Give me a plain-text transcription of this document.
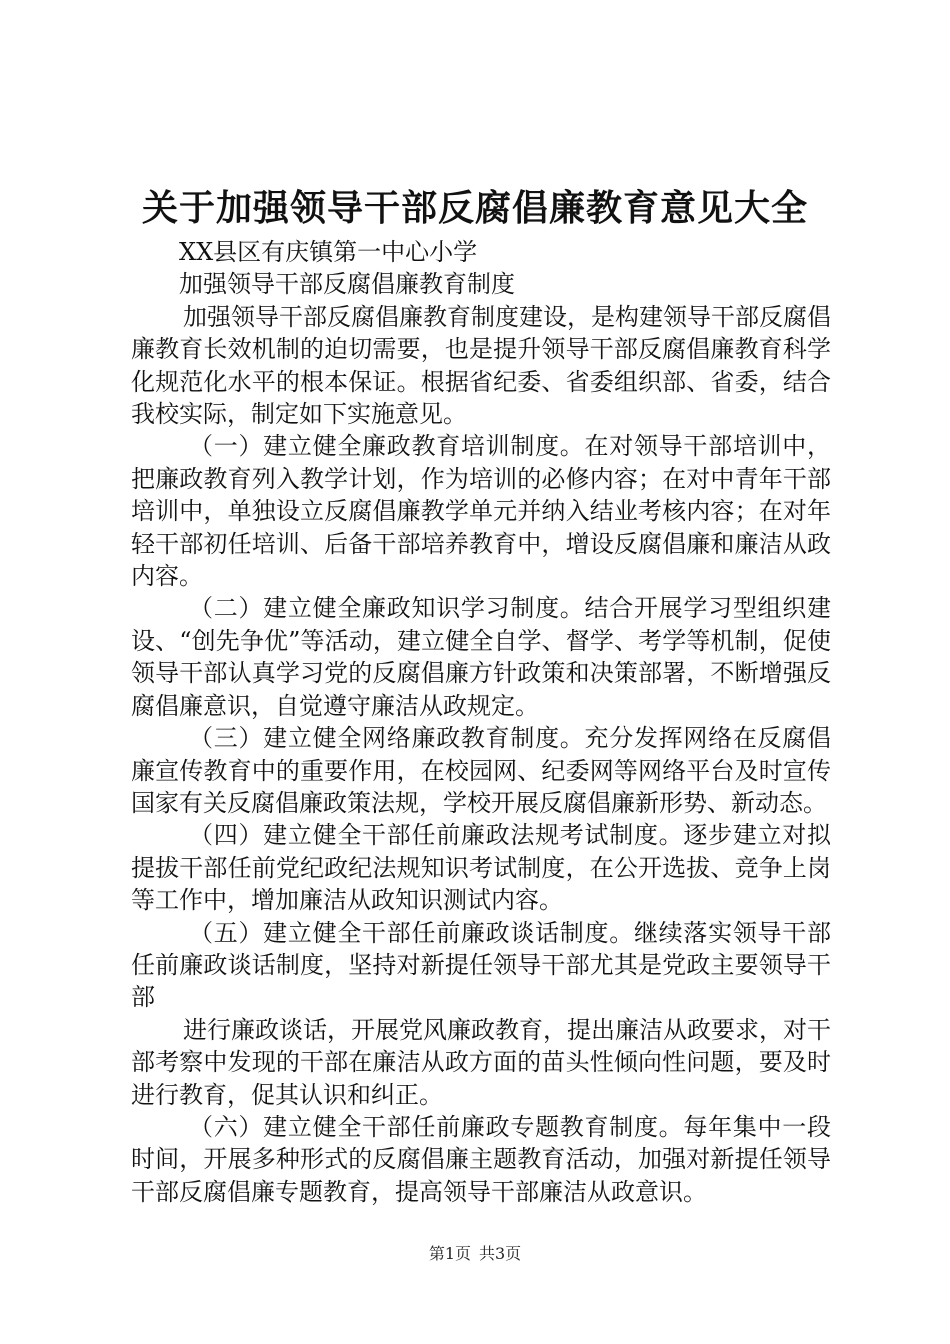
关于加强领导干部反腐倡廉教育意见大全

XX县区有庆镇第一中心小学

加强领导干部反腐倡廉教育制度

加强领导干部反腐倡廉教育制度建设，是构建领导干部反腐倡廉教育长效机制的迫切需要，也是提升领导干部反腐倡廉教育科学化规范化水平的根本保证。根据省纪委、省委组织部、省委，结合我校实际，制定如下实施意见。

（一）建立健全廉政教育培训制度。在对领导干部培训中，把廉政教育列入教学计划，作为培训的必修内容；在对中青年干部培训中，单独设立反腐倡廉教学单元并纳入结业考核内容；在对年轻干部初任培训、后备干部培养教育中，增设反腐倡廉和廉洁从政内容。

（二）建立健全廉政知识学习制度。结合开展学习型组织建设、“创先争优”等活动，建立健全自学、督学、考学等机制，促使领导干部认真学习党的反腐倡廉方针政策和决策部署，不断增强反腐倡廉意识，自觉遵守廉洁从政规定。

（三）建立健全网络廉政教育制度。充分发挥网络在反腐倡廉宣传教育中的重要作用，在校园网、纪委网等网络平台及时宣传国家有关反腐倡廉政策法规，学校开展反腐倡廉新形势、新动态。

（四）建立健全干部任前廉政法规考试制度。逐步建立对拟提拔干部任前党纪政纪法规知识考试制度，在公开选拔、竞争上岗等工作中，增加廉洁从政知识测试内容。

（五）建立健全干部任前廉政谈话制度。继续落实领导干部任前廉政谈话制度，坚持对新提任领导干部尤其是党政主要领导干部

进行廉政谈话，开展党风廉政教育，提出廉洁从政要求，对干部考察中发现的干部在廉洁从政方面的苗头性倾向性问题，要及时进行教育，促其认识和纠正。

（六）建立健全干部任前廉政专题教育制度。每年集中一段时间，开展多种形式的反腐倡廉主题教育活动，加强对新提任领导干部反腐倡廉专题教育，提高领导干部廉洁从政意识。

第1页 共3页
